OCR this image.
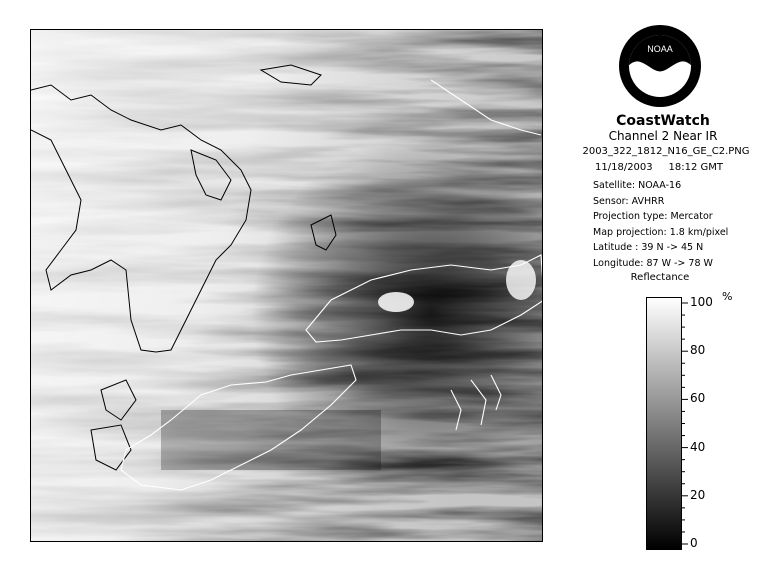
NOAA
CoastWatch
Channel 2 Near IR
2003_322_1812_N16_GE_C2.PNG
11/18/2003 18:12 GMT
Satellite: NOAA-16
Sensor: AVHRR
Projection type: Mercator
Map projection: 1.8 km/pixel
Latitude : 39 N -> 45 N
Longitude: 87 W -> 78 W
Reflectance
%
100
80
60
40
20
0
